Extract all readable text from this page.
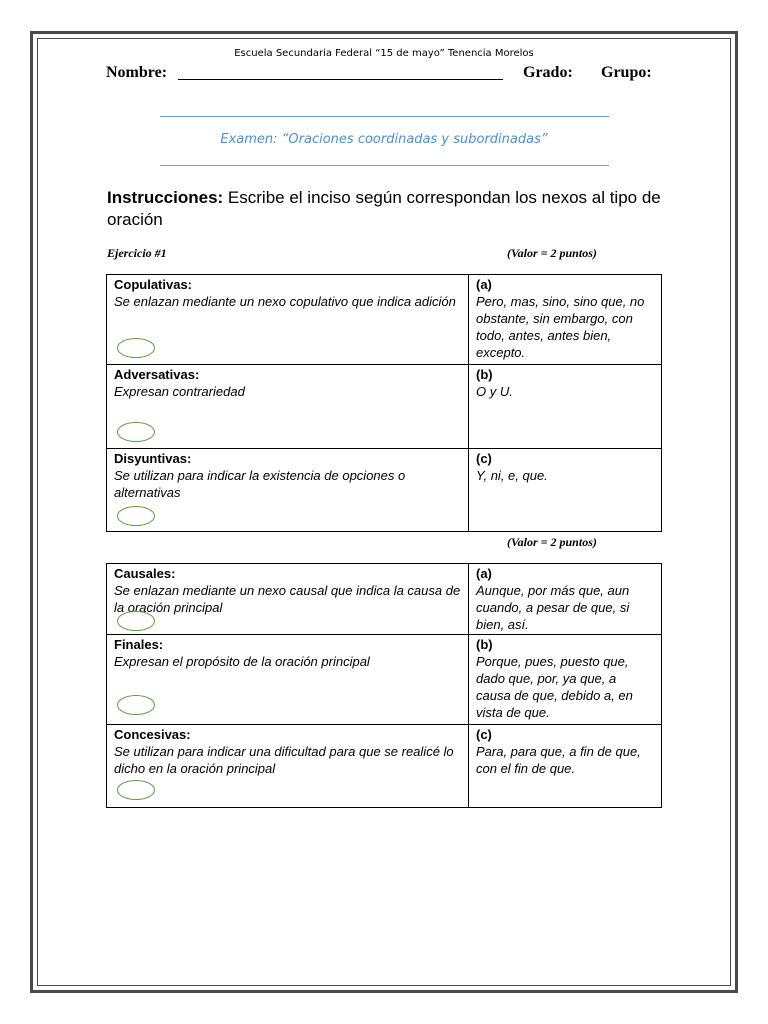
Escuela Secundaria Federal “15 de mayo” Tenencia Morelos
Nombre:	Grado: Grupo:
Examen: “Oraciones coordinadas y subordinadas”
Instrucciones: Escribe el inciso según correspondan los nexos al tipo de oración
Ejercicio #1	(Valor = 2 puntos)
Copulativas:
Se enlazan mediante un nexo copulativo que indica adición	(a)
Pero, mas, sino, sino que, no obstante, sin embargo, con todo, antes, antes bien, excepto.

Adversativas:
Expresan contrariedad	(b)
O y U.

Disyuntivas:
Se utilizan para indicar la existencia de opciones o alternativas	(c)
Y, ni, e, que.
(Valor = 2 puntos)
Causales:
Se enlazan mediante un nexo causal que indica la causa de la oración principal	(a)
Aunque, por más que, aun cuando, a pesar de que, si bien, así.

Finales:
Expresan el propósito de la oración principal	(b)
Porque, pues, puesto que, dado que, por, ya que, a causa de que, debido a, en vista de que.

Concesivas:
Se utilizan para indicar una dificultad para que se realicé lo dicho en la oración principal	(c)
Para, para que, a fin de que, con el fin de que.
